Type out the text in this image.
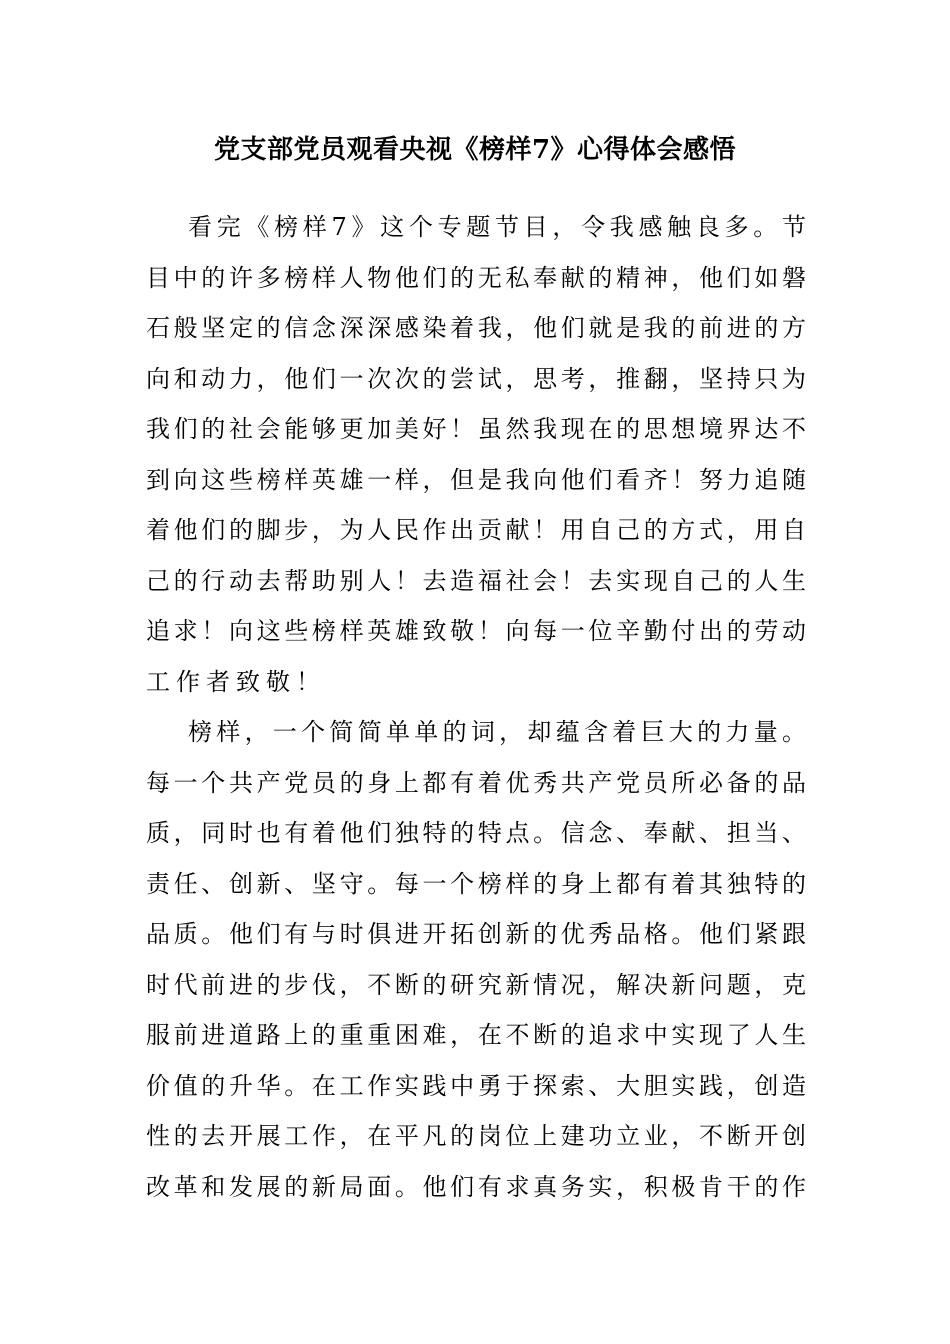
党支部党员观看央视《榜样7》心得体会感悟

看完《榜样7》这个专题节目，令我感触良多。节
目中的许多榜样人物他们的无私奉献的精神，他们如磐
石般坚定的信念深深感染着我，他们就是我的前进的方
向和动力，他们一次次的尝试，思考，推翻，坚持只为
我们的社会能够更加美好！虽然我现在的思想境界达不
到向这些榜样英雄一样，但是我向他们看齐！努力追随
着他们的脚步，为人民作出贡献！用自己的方式，用自
己的行动去帮助别人！去造福社会！去实现自己的人生
追求！向这些榜样英雄致敬！向每一位辛勤付出的劳动
工作者致敬！

榜样，一个简简单单的词，却蕴含着巨大的力量。
每一个共产党员的身上都有着优秀共产党员所必备的品
质，同时也有着他们独特的特点。信念、奉献、担当、
责任、创新、坚守。每一个榜样的身上都有着其独特的
品质。他们有与时俱进开拓创新的优秀品格。他们紧跟
时代前进的步伐，不断的研究新情况，解决新问题，克
服前进道路上的重重困难，在不断的追求中实现了人生
价值的升华。在工作实践中勇于探索、大胆实践，创造
性的去开展工作，在平凡的岗位上建功立业，不断开创
改革和发展的新局面。他们有求真务实，积极肯干的作
